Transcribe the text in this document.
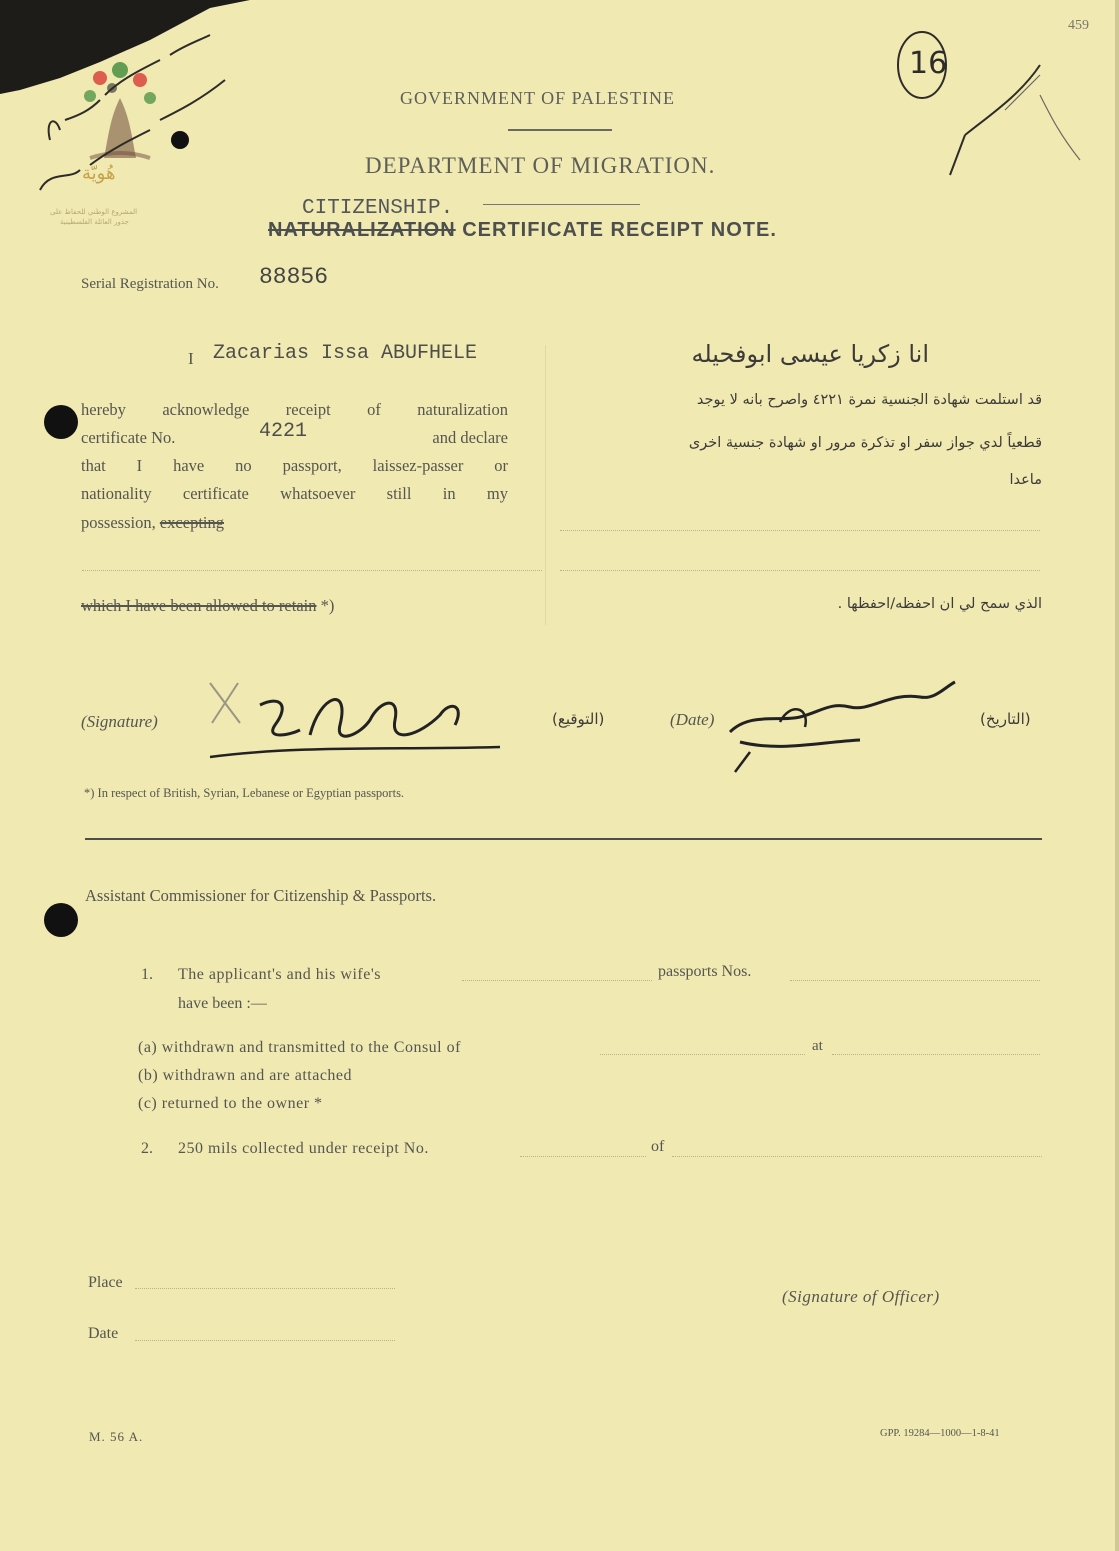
هُويّة
المشروع الوطني للحفاظ على
جذور العائلة الفلسطينية
16
459
GOVERNMENT OF PALESTINE
DEPARTMENT OF MIGRATION.
CITIZENSHIP.
NATURALIZATION CERTIFICATE RECEIPT NOTE.
Serial Registration No. 88856
I Zacarias Issa ABUFHELE
hereby acknowledge receipt of naturalization
certificate No.	4221	and declare
that I have no passport, laissez-passer or
nationality certificate whatsoever still in my
possession, excepting
which I have been allowed to retain *)
انا زكريا عيسى ابوفحيله
قد استلمت شهادة الجنسية نمرة ٤٢٢١ واصرح بانه لا يوجد
قطعياً لدي جواز سفر او تذكرة مرور او شهادة جنسية اخرى
ماعدا
الذي سمح لي ان احفظه/احفظها .
(Signature)	(التوقيع)	(Date)	(التاريخ)
*) In respect of British, Syrian, Lebanese or Egyptian passports.
Assistant Commissioner for Citizenship & Passports.
1. The applicant's and his wife's	passports Nos.
have been :—
(a) withdrawn and transmitted to the Consul of	at
(b) withdrawn and are attached
(c) returned to the owner *
2. 250 mils collected under receipt No.	of
Place
Date
(Signature of Officer)
M. 56 A.	GPP. 19284—1000—1-8-41
